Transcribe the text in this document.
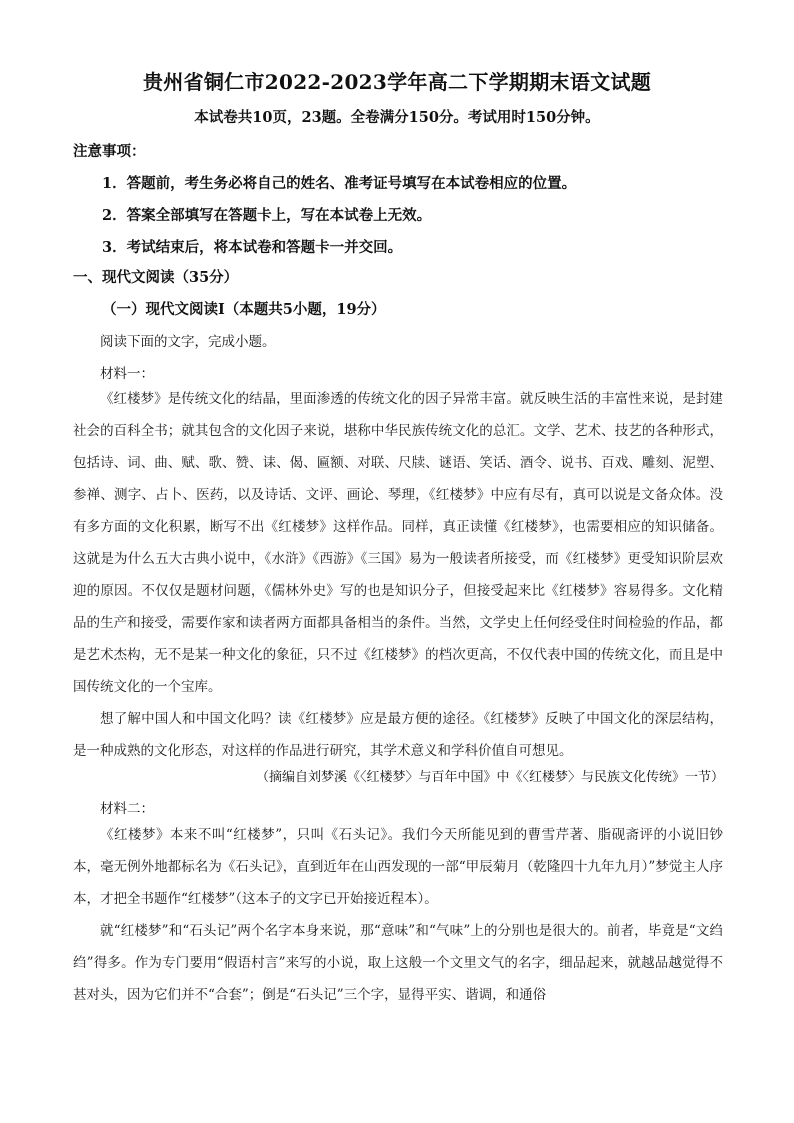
贵州省铜仁市2022-2023学年高二下学期期末语文试题
本试卷共10页，23题。全卷满分150分。考试用时150分钟。
注意事项：
1．答题前，考生务必将自己的姓名、准考证号填写在本试卷相应的位置。
2．答案全部填写在答题卡上，写在本试卷上无效。
3．考试结束后，将本试卷和答题卡一并交回。
一、现代文阅读（35分）
（一）现代文阅读Ⅰ（本题共5小题，19分）
阅读下面的文字，完成小题。
材料一：

《红楼梦》是传统文化的结晶，里面渗透的传统文化的因子异常丰富。就反映生活的丰富性来说，是封建社会的百科全书；就其包含的文化因子来说，堪称中华民族传统文化的总汇。文学、艺术、技艺的各种形式，包括诗、词、曲、赋、歌、赞、诔、偈、匾额、对联、尺牍、谜语、笑话、酒令、说书、百戏、雕刻、泥塑、参禅、测字、占卜、医药，以及诗话、文评、画论、琴理，《红楼梦》中应有尽有，真可以说是文备众体。没有多方面的文化积累，断写不出《红楼梦》这样作品。同样，真正读懂《红楼梦》，也需要相应的知识储备。这就是为什么五大古典小说中，《水浒》《西游》《三国》易为一般读者所接受，而《红楼梦》更受知识阶层欢迎的原因。不仅仅是题材问题，《儒林外史》写的也是知识分子，但接受起来比《红楼梦》容易得多。文化精品的生产和接受，需要作家和读者两方面都具备相当的条件。当然，文学史上任何经受住时间检验的作品，都是艺术杰构，无不是某一种文化的象征，只不过《红楼梦》的档次更高，不仅代表中国的传统文化，而且是中国传统文化的一个宝库。

想了解中国人和中国文化吗？读《红楼梦》应是最方便的途径。《红楼梦》反映了中国文化的深层结构，是一种成熟的文化形态，对这样的作品进行研究，其学术意义和学科价值自可想见。

（摘编自刘梦溪《〈红楼梦〉与百年中国》中《〈红楼梦〉与民族文化传统》一节）
材料二：

《红楼梦》本来不叫“红楼梦”，只叫《石头记》。我们今天所能见到的曹雪芹著、脂砚斋评的小说旧钞本，毫无例外地都标名为《石头记》，直到近年在山西发现的一部“甲辰菊月（乾隆四十九年九月）”梦觉主人序本，才把全书题作“红楼梦”（这本子的文字已开始接近程本）。

就“红楼梦”和“石头记”两个名字本身来说，那“意味”和“气味”上的分别也是很大的。前者，毕竟是“文绉绉”得多。作为专门要用“假语村言”来写的小说，取上这般一个文里文气的名字，细品起来，就越品越觉得不甚对头，因为它们并不“合套”；倒是“石头记”三个字，显得平实、谐调，和通俗
